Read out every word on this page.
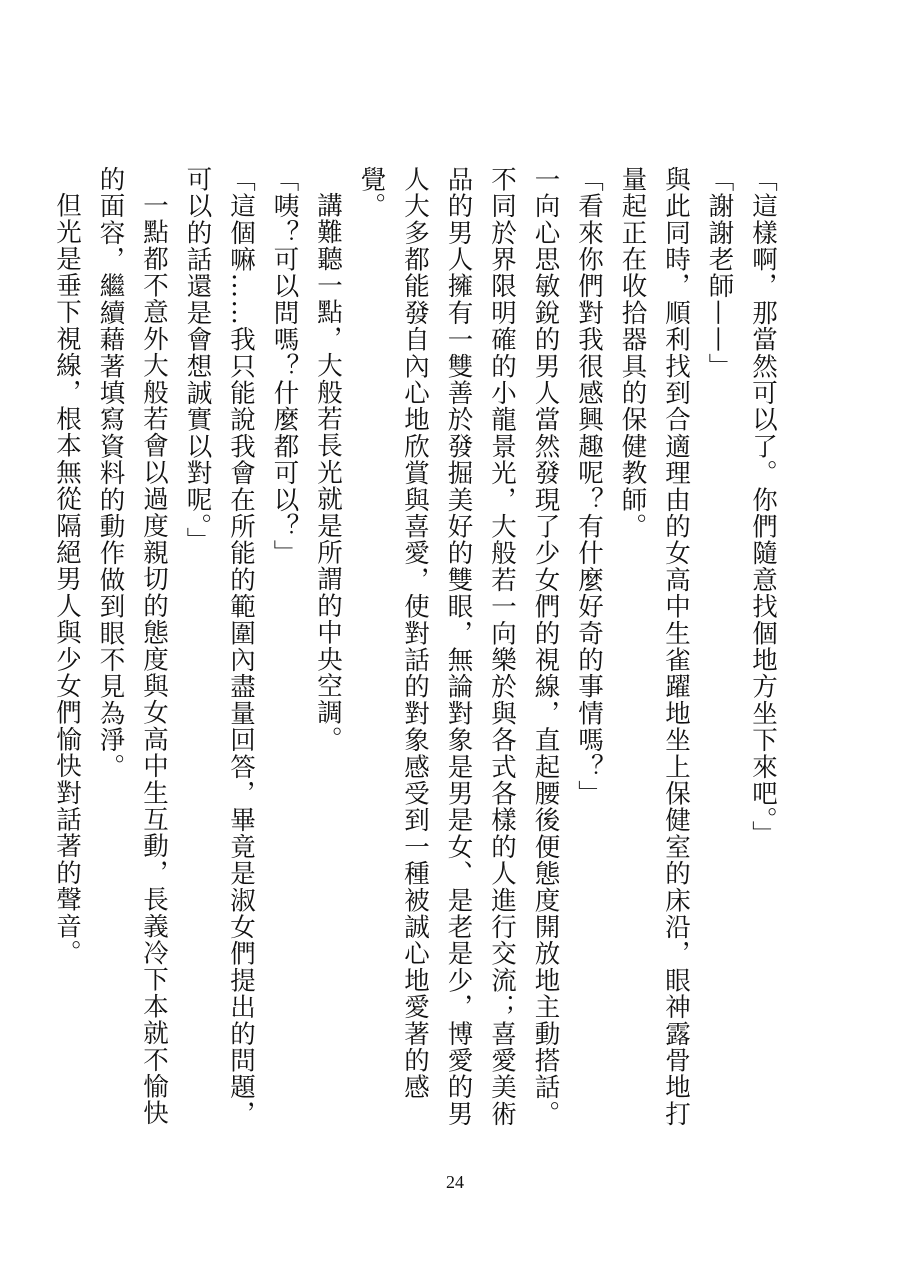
「這樣啊，那當然可以了。你們隨意找個地方坐下來吧。」

「謝謝老師——」

與此同時，順利找到合適理由的女高中生雀躍地坐上保健室的床沿，眼神露骨地打量起正在收拾器具的保健教師。

「看來你們對我很感興趣呢？有什麼好奇的事情嗎？」

一向心思敏銳的男人當然發現了少女們的視線，直起腰後便態度開放地主動搭話。不同於界限明確的小龍景光，大般若一向樂於與各式各樣的人進行交流；喜愛美術品的男人擁有一雙善於發掘美好的雙眼，無論對象是男是女、是老是少，博愛的男人大多都能發自內心地欣賞與喜愛，使對話的對象感受到一種被誠心地愛著的感覺。

講難聽一點，大般若長光就是所謂的中央空調。

「咦？可以問嗎？什麼都可以？」

「這個嘛……我只能說我會在所能的範圍內盡量回答，畢竟是淑女們提出的問題，可以的話還是會想誠實以對呢。」

一點都不意外大般若會以過度親切的態度與女高中生互動，長義冷下本就不愉快的面容，繼續藉著填寫資料的動作做到眼不見為淨。

但光是垂下視線，根本無從隔絕男人與少女們愉快對話著的聲音。

24
